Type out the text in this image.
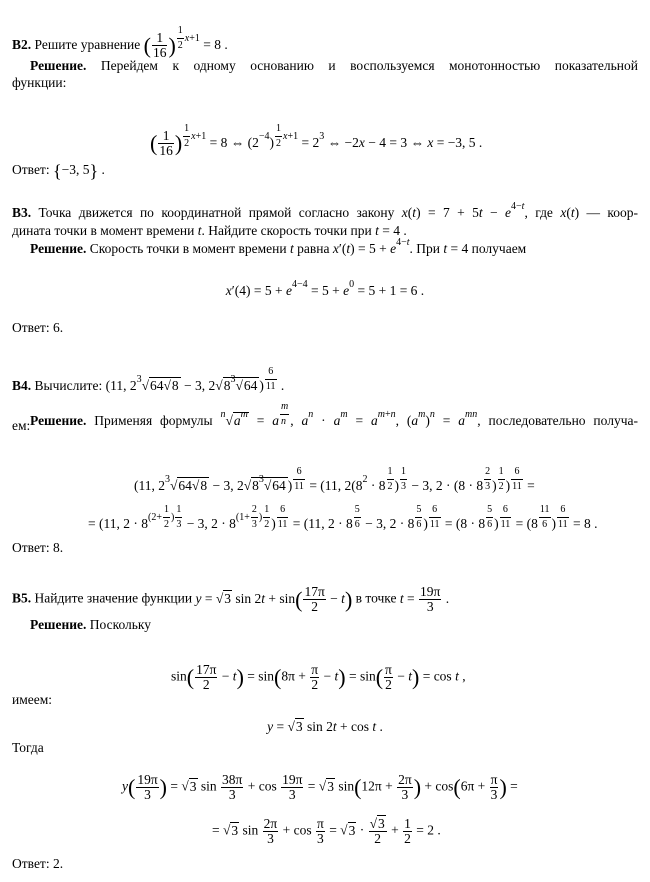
B2. Решите уравнение ( $\frac{1}{16}$ ) $^{\frac{1}{2} x+1}$ = 8 .
Решение. Перейдем к одному основанию и воспользуемся монотонностью показательной
функции:
( $\frac{1}{16}$ ) $^{\frac{1}{2} x+1}$ = 8 ⇔ $(2^{-4}) ^{\frac{1}{2} x+1} = 2^3$ ⇔ −2x − 4 = 3 ⇔ x = −3, 5 .
Ответ: {−3, 5} .
B3. Точка движется по координатной прямой согласно закону $x(t) = 7 + 5t - e^{4-t}$, где x(t) — коор-
дината точки в момент времени t. Найдите скорость точки при t = 4 .
Решение. Скорость точки в момент времени t равна $x'(t) = 5 + e^{4-t}$. При t = 4 получаем
$x'(4) = 5 + e^{4-4} = 5 + e^0 = 5 + 1 = 6$ .
Ответ: 6.
B4. Вычислите: (11, $2^3√64√8 - 3$, $2√8^3√64$ ) $^{\frac{6}{11}}$ .
Решение. Применяя формулы $^n√a^m = a$ $^{\frac{m}{n}}$ , $a^n \cdot a^m = a^{m+n}$, $(a^m)^n = a^{mn}$, последовательно получа-
ем:
(11, $2^3√64√8 - 3$, $2√8^3√64$ ) $^{\frac{6}{11}}$ = (11, $2(8^2 \cdot 8$ $^{\frac{1}{2}}$ ) $^{\frac{1}{3}}$ − 3, 2 · (8 · 8 $^{\frac{2}{3}}$ ) $^{\frac{1}{2}}$ ) $^{\frac{6}{11}}$ =
= (11, $2 \cdot 8^{(2+ \frac{1}{2} ) \frac{1}{3}} - 3$, $2 \cdot 8^{(1+ \frac{2}{3} ) \frac{1}{2}}$ ) $^{\frac{6}{11}}$ = (11, 2 · 8 $^{\frac{5}{6}}$ − 3, 2 · 8 $^{\frac{5}{6}}$ ) $^{\frac{6}{11}}$ = (8 · 8 $^{\frac{5}{6}}$ ) $^{\frac{6}{11}}$ = (8 $^{\frac{11}{6}}$ ) $^{\frac{6}{11}}$ = 8 .
Ответ: 8.
B5. Найдите значение функции y = √3 $\sin 2t + \sin( \frac{17\pi}{2} - t)$ в точке $t = \frac{19\pi}{3}$ .
Решение. Поскольку
$\sin( \frac{17\pi}{2} - t) = \sin(8\pi + \frac{\pi}{2} - t) = \sin( \frac{\pi}{2} - t) = \cos t$ ,
имеем:
y = √3 sin 2t + cos t .
Тогда
$y( \frac{19\pi}{3}$ ) = √3 $\sin \frac{38\pi}{3} + \cos \frac{19\pi}{3} = √3$ $\sin(12\pi + \frac{2\pi}{3}$ ) + $\cos(6\pi + \frac{\pi}{3}$ ) =
= √3 $\sin \frac{2\pi}{3} + \cos \frac{\pi}{3} = √3 \cdot \frac{√3}{2} + \frac{1}{2} = 2$ .
Ответ: 2.
